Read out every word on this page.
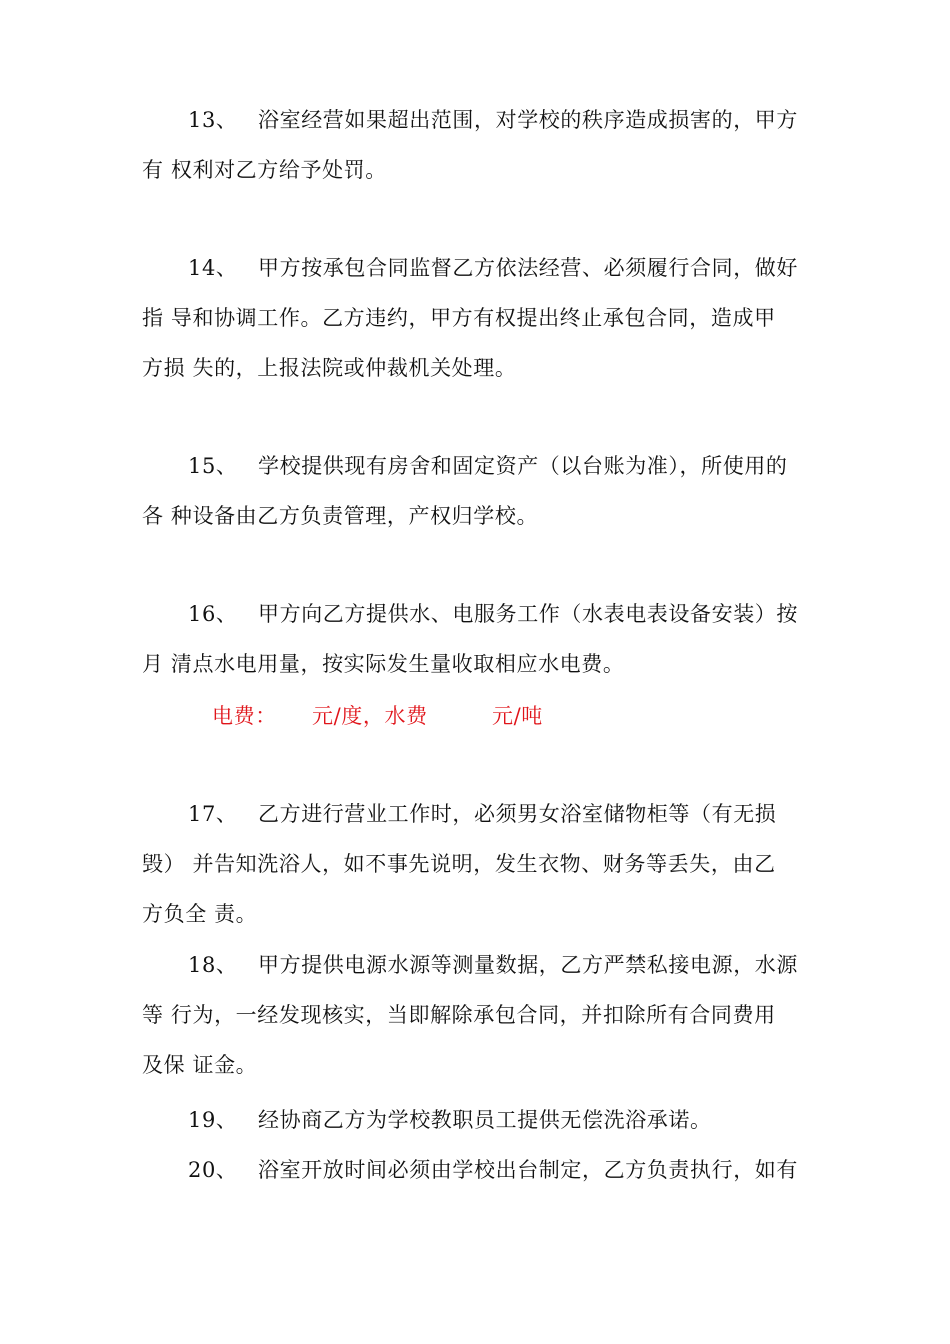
13、 浴室经营如果超出范围，对学校的秩序造成损害的，甲方
有 权利对乙方给予处罚。
14、 甲方按承包合同监督乙方依法经营、必须履行合同，做好
指 导和协调工作。乙方违约，甲方有权提出终止承包合同，造成甲
方损 失的，上报法院或仲裁机关处理。
15、 学校提供现有房舍和固定资产（以台账为准），所使用的
各 种设备由乙方负责管理，产权归学校。
16、 甲方向乙方提供水、电服务工作（水表电表设备安装）按
月 清点水电用量，按实际发生量收取相应水电费。
电费： 元/度，水费	元/吨
17、 乙方进行营业工作时，必须男女浴室储物柜等（有无损
毁） 并告知洗浴人，如不事先说明，发生衣物、财务等丢失，由乙
方负全 责。
18、 甲方提供电源水源等测量数据，乙方严禁私接电源，水源
等 行为，一经发现核实，当即解除承包合同，并扣除所有合同费用
及保 证金。
19、 经协商乙方为学校教职员工提供无偿洗浴承诺。
20、 浴室开放时间必须由学校出台制定，乙方负责执行，如有
